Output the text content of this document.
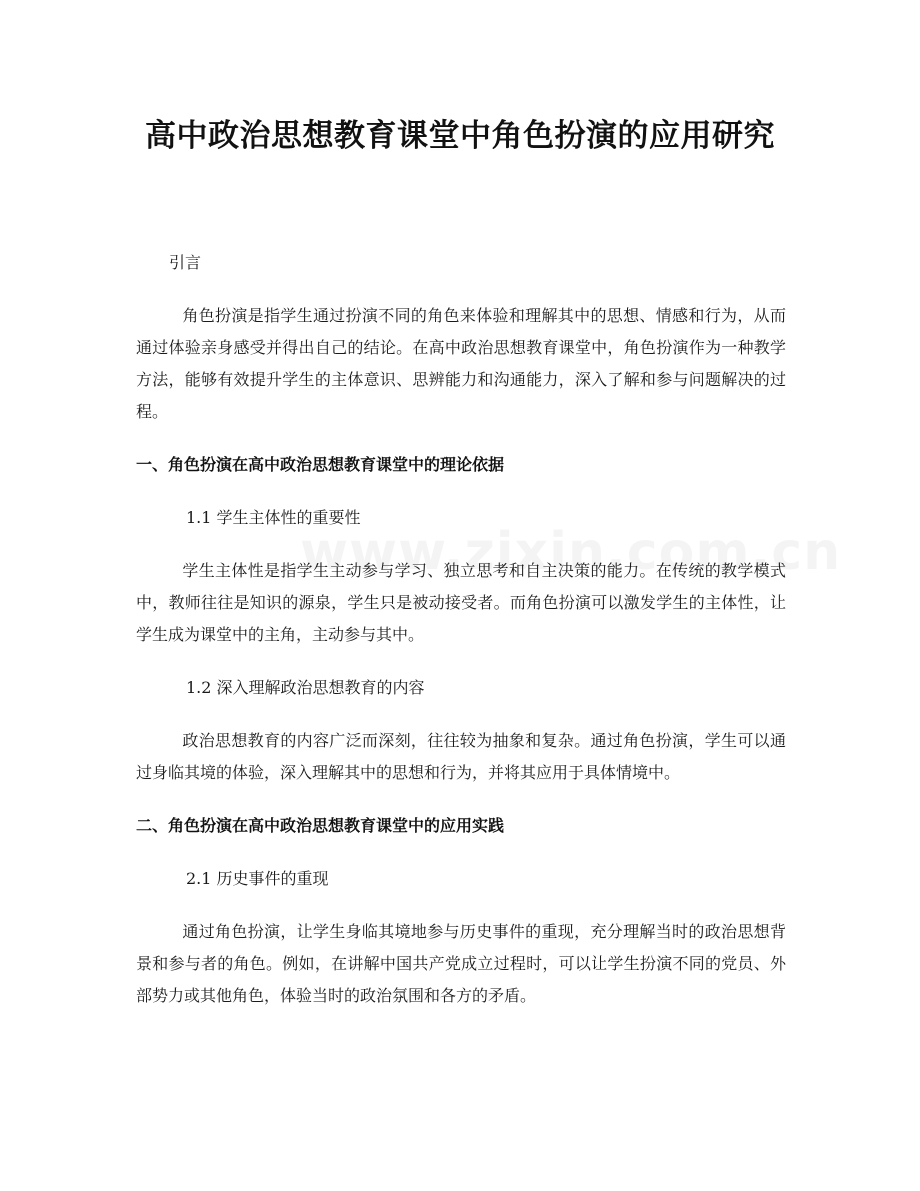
高中政治思想教育课堂中角色扮演的应用研究
引言

角色扮演是指学生通过扮演不同的角色来体验和理解其中的思想、情感和行为，从而通过体验亲身感受并得出自己的结论。在高中政治思想教育课堂中，角色扮演作为一种教学方法，能够有效提升学生的主体意识、思辨能力和沟通能力，深入了解和参与问题解决的过程。

一、角色扮演在高中政治思想教育课堂中的理论依据
1.1 学生主体性的重要性

学生主体性是指学生主动参与学习、独立思考和自主决策的能力。在传统的教学模式中，教师往往是知识的源泉，学生只是被动接受者。而角色扮演可以激发学生的主体性，让学生成为课堂中的主角，主动参与其中。

1.2 深入理解政治思想教育的内容

政治思想教育的内容广泛而深刻，往往较为抽象和复杂。通过角色扮演，学生可以通过身临其境的体验，深入理解其中的思想和行为，并将其应用于具体情境中。

二、角色扮演在高中政治思想教育课堂中的应用实践
2.1 历史事件的重现

通过角色扮演，让学生身临其境地参与历史事件的重现，充分理解当时的政治思想背景和参与者的角色。例如，在讲解中国共产党成立过程时，可以让学生扮演不同的党员、外部势力或其他角色，体验当时的政治氛围和各方的矛盾。
